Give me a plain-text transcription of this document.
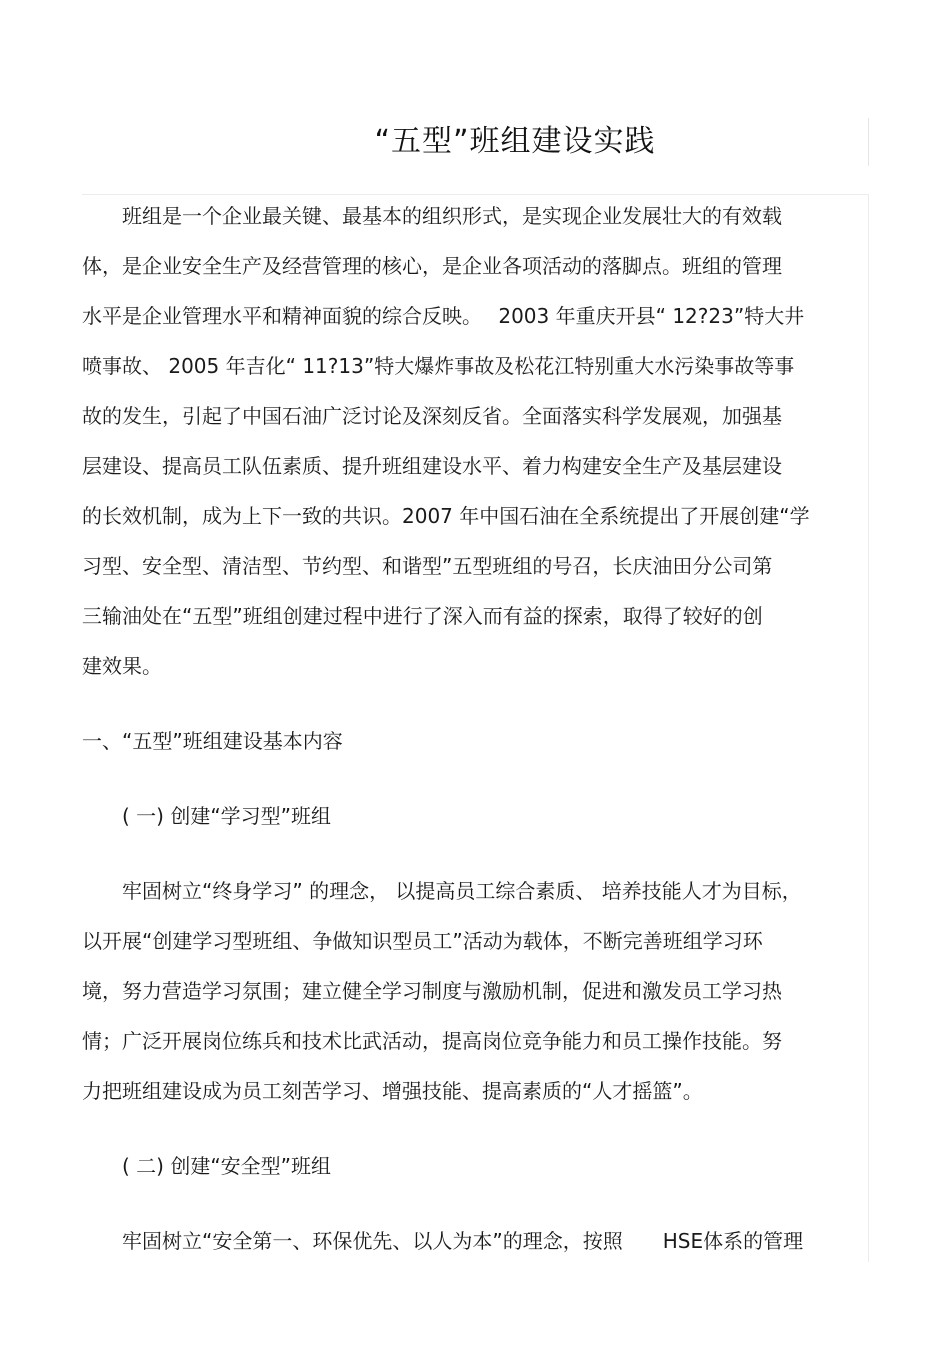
“五型”班组建设实践
班组是一个企业最关键、最基本的组织形式，是实现企业发展壮大的有效载
体，是企业安全生产及经营管理的核心，是企业各项活动的落脚点。班组的管理
水平是企业管理水平和精神面貌的综合反映。　 2003 年重庆开县“ 12?23”特大井
喷事故、 2005 年吉化“ 11?13”特大爆炸事故及松花江特别重大水污染事故等事
故的发生，引起了中国石油广泛讨论及深刻反省。全面落实科学发展观，加强基
层建设、提高员工队伍素质、提升班组建设水平、着力构建安全生产及基层建设
的长效机制，成为上下一致的共识。2007 年中国石油在全系统提出了开展创建“学
习型、安全型、清洁型、节约型、和谐型”五型班组的号召，长庆油田分公司第
三输油处在“五型”班组创建过程中进行了深入而有益的探索，取得了较好的创
建效果。
一、“五型”班组建设基本内容
( 一) 创建“学习型”班组
牢固树立“终身学习” 的理念， 以提高员工综合素质、 培养技能人才为目标，
以开展“创建学习型班组、争做知识型员工”活动为载体，不断完善班组学习环
境，努力营造学习氛围；建立健全学习制度与激励机制，促进和激发员工学习热
情；广泛开展岗位练兵和技术比武活动，提高岗位竞争能力和员工操作技能。努
力把班组建设成为员工刻苦学习、增强技能、提高素质的“人才摇篮”。
( 二) 创建“安全型”班组
牢固树立“安全第一、环保优先、以人为本”的理念，按照　　HSE体系的管理
